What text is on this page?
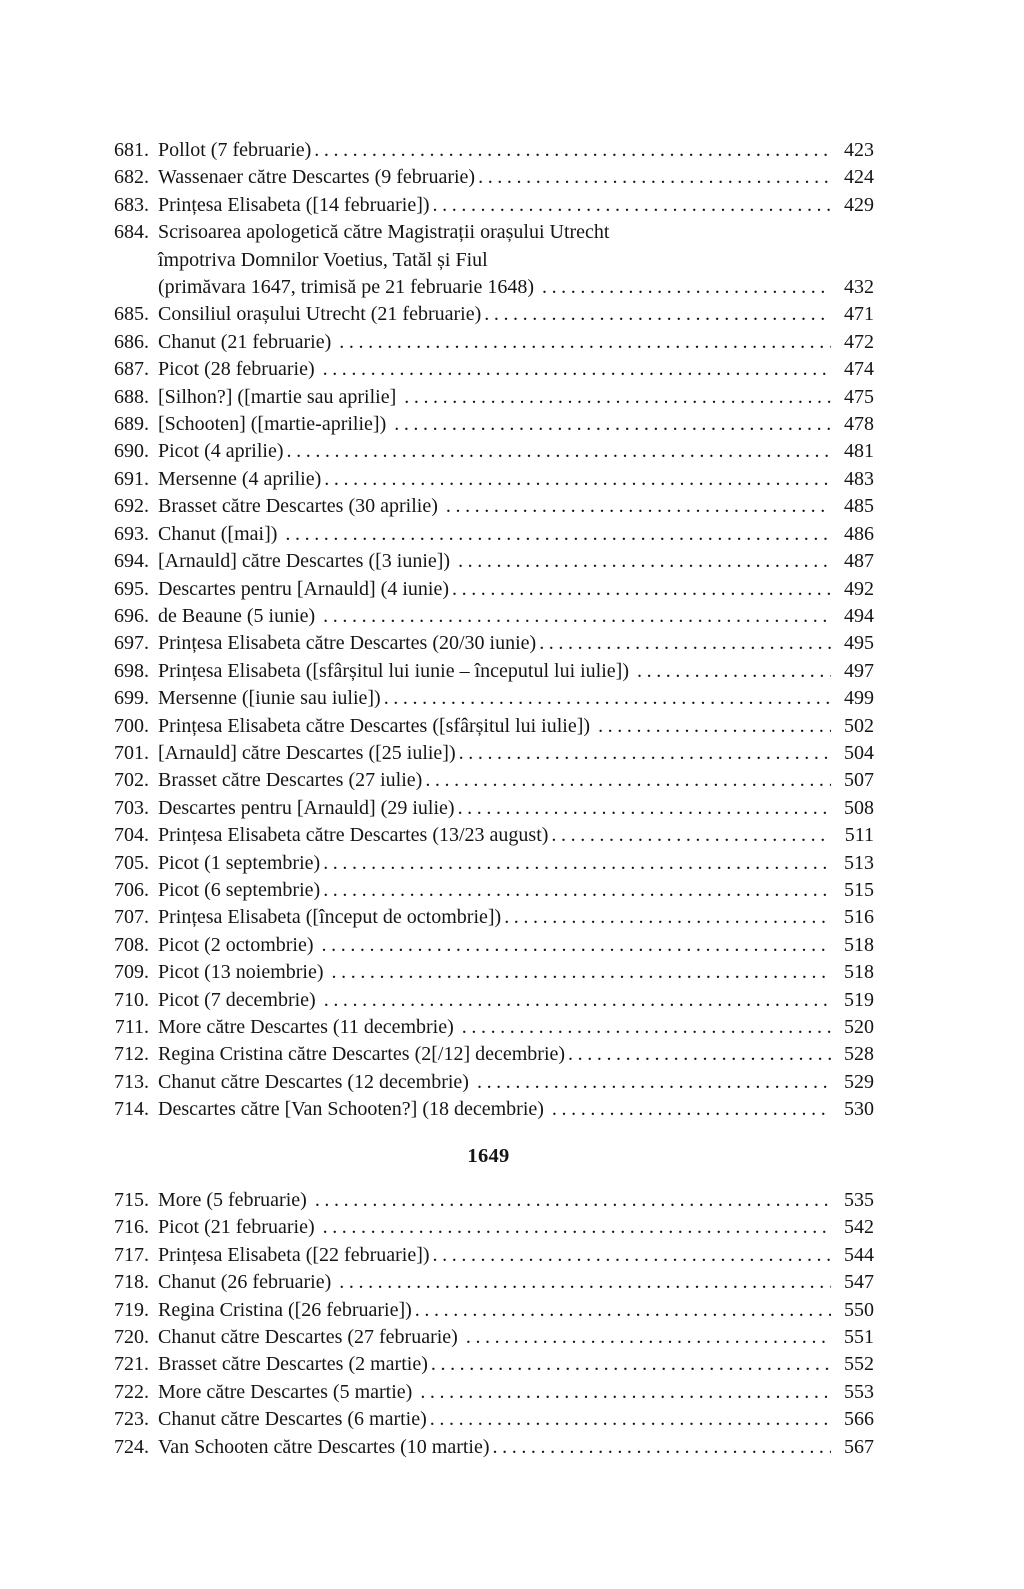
681. Pollot (7 februarie) .....	423
682. Wassenaer către Descartes (9 februarie) .....	424
683. Prințesa Elisabeta ([14 februarie]) .....	429
684. Scrisoarea apologetică către Magistrații orașului Utrecht
împotriva Domnilor Voetius, Tatăl și Fiul
(primăvara 1647, trimisă pe 21 februarie 1648) .....	432
685. Consiliul orașului Utrecht (21 februarie) .....	471
686. Chanut (21 februarie) .....	472
687. Picot (28 februarie) .....	474
688. [Silhon?] ([martie sau aprilie] .....	475
689. [Schooten] ([martie-aprilie]) .....	478
690. Picot (4 aprilie) .....	481
691. Mersenne (4 aprilie) .....	483
692. Brasset către Descartes (30 aprilie) .....	485
693. Chanut ([mai]) .....	486
694. [Arnauld] către Descartes ([3 iunie]) .....	487
695. Descartes pentru [Arnauld] (4 iunie) .....	492
696. de Beaune (5 iunie) .....	494
697. Prințesa Elisabeta către Descartes (20/30 iunie) .....	495
698. Prințesa Elisabeta ([sfârșitul lui iunie – începutul lui iulie]) .....	497
699. Mersenne ([iunie sau iulie]) .....	499
700. Prințesa Elisabeta către Descartes ([sfârșitul lui iulie]) .....	502
701. [Arnauld] către Descartes ([25 iulie]) .....	504
702. Brasset către Descartes (27 iulie) .....	507
703. Descartes pentru [Arnauld] (29 iulie) .....	508
704. Prințesa Elisabeta către Descartes (13/23 august) .....	511
705. Picot (1 septembrie) .....	513
706. Picot (6 septembrie) .....	515
707. Prințesa Elisabeta ([început de octombrie]) .....	516
708. Picot (2 octombrie) .....	518
709. Picot (13 noiembrie) .....	518
710. Picot (7 decembrie) .....	519
711. More către Descartes (11 decembrie) .....	520
712. Regina Cristina către Descartes (2[/12] decembrie) .....	528
713. Chanut către Descartes (12 decembrie) .....	529
714. Descartes către [Van Schooten?] (18 decembrie) .....	530
1649
715. More (5 februarie) .....	535
716. Picot (21 februarie) .....	542
717. Prințesa Elisabeta ([22 februarie]) .....	544
718. Chanut (26 februarie) .....	547
719. Regina Cristina ([26 februarie]) .....	550
720. Chanut către Descartes (27 februarie) .....	551
721. Brasset către Descartes (2 martie) .....	552
722. More către Descartes (5 martie) .....	553
723. Chanut către Descartes (6 martie) .....	566
724. Van Schooten către Descartes (10 martie) .....	567
